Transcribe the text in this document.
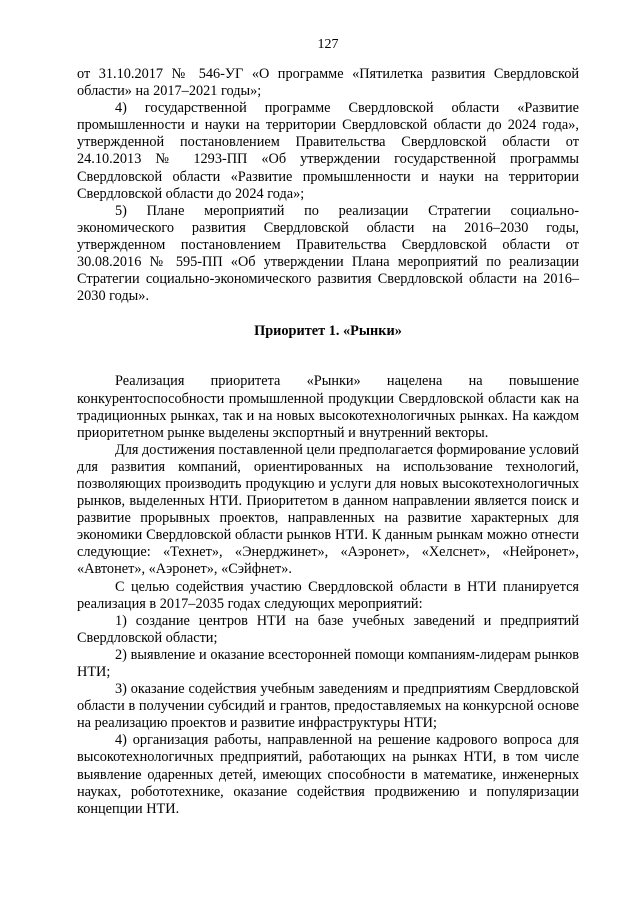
127

от 31.10.2017 № 546-УГ «О программе «Пятилетка развития Свердловской области» на 2017–2021 годы»;

4) государственной программе Свердловской области «Развитие промышленности и науки на территории Свердловской области до 2024 года», утвержденной постановлением Правительства Свердловской области от 24.10.2013 № 1293-ПП «Об утверждении государственной программы Свердловской области «Развитие промышленности и науки на территории Свердловской области до 2024 года»;

5) Плане мероприятий по реализации Стратегии социально-экономического развития Свердловской области на 2016–2030 годы, утвержденном постановлением Правительства Свердловской области от 30.08.2016 № 595-ПП «Об утверждении Плана мероприятий по реализации Стратегии социально-экономического развития Свердловской области на 2016–2030 годы».

Приоритет 1. «Рынки»

Реализация приоритета «Рынки» нацелена на повышение конкурентоспособности промышленной продукции Свердловской области как на традиционных рынках, так и на новых высокотехнологичных рынках. На каждом приоритетном рынке выделены экспортный и внутренний векторы.

Для достижения поставленной цели предполагается формирование условий для развития компаний, ориентированных на использование технологий, позволяющих производить продукцию и услуги для новых высокотехнологичных рынков, выделенных НТИ. Приоритетом в данном направлении является поиск и развитие прорывных проектов, направленных на развитие характерных для экономики Свердловской области рынков НТИ. К данным рынкам можно отнести следующие: «Технет», «Энерджинет», «Аэронет», «Хелснет», «Нейронет», «Автонет», «Аэронет», «Сэйфнет».

С целью содействия участию Свердловской области в НТИ планируется реализация в 2017–2035 годах следующих мероприятий:

1) создание центров НТИ на базе учебных заведений и предприятий Свердловской области;

2) выявление и оказание всесторонней помощи компаниям-лидерам рынков НТИ;

3) оказание содействия учебным заведениям и предприятиям Свердловской области в получении субсидий и грантов, предоставляемых на конкурсной основе на реализацию проектов и развитие инфраструктуры НТИ;

4) организация работы, направленной на решение кадрового вопроса для высокотехнологичных предприятий, работающих на рынках НТИ, в том числе выявление одаренных детей, имеющих способности в математике, инженерных науках, робототехнике, оказание содействия продвижению и популяризации концепции НТИ.
